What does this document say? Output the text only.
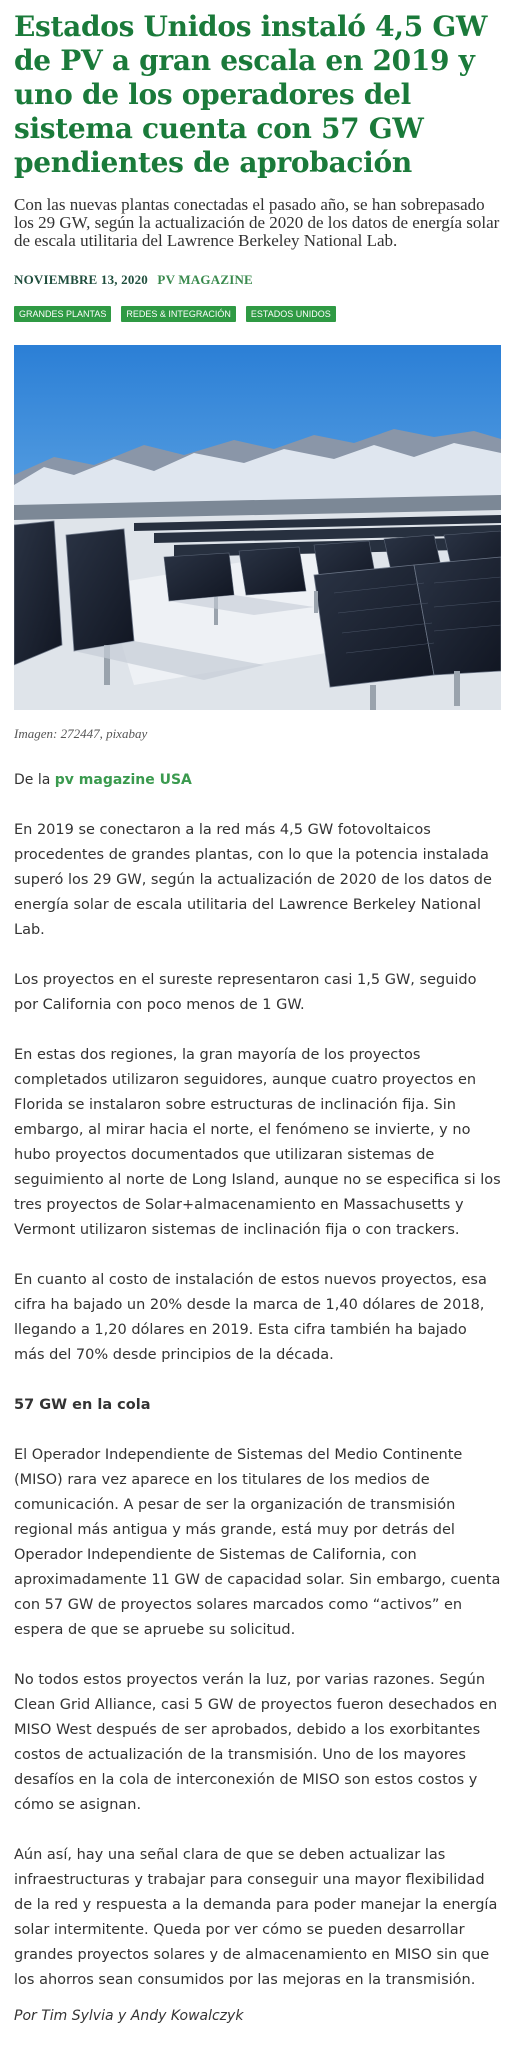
Estados Unidos instaló 4,5 GW de PV a gran escala en 2019 y uno de los operadores del sistema cuenta con 57 GW pendientes de aprobación

Con las nuevas plantas conectadas el pasado año, se han sobrepasado los 29 GW, según la actualización de 2020 de los datos de energía solar de escala utilitaria del Lawrence Berkeley National Lab.

NOVIEMBRE 13, 2020 PV MAGAZINE
GRANDES PLANTAS REDES & INTEGRACIÓN ESTADOS UNIDOS
Imagen: 272447, pixabay
De la pv magazine USA

En 2019 se conectaron a la red más 4,5 GW fotovoltaicos procedentes de grandes plantas, con lo que la potencia instalada superó los 29 GW, según la actualización de 2020 de los datos de energía solar de escala utilitaria del Lawrence Berkeley National Lab.

Los proyectos en el sureste representaron casi 1,5 GW, seguido por California con poco menos de 1 GW.

En estas dos regiones, la gran mayoría de los proyectos completados utilizaron seguidores, aunque cuatro proyectos en Florida se instalaron sobre estructuras de inclinación fija. Sin embargo, al mirar hacia el norte, el fenómeno se invierte, y no hubo proyectos documentados que utilizaran sistemas de seguimiento al norte de Long Island, aunque no se especifica si los tres proyectos de Solar+almacenamiento en Massachusetts y Vermont utilizaron sistemas de inclinación fija o con trackers.

En cuanto al costo de instalación de estos nuevos proyectos, esa cifra ha bajado un 20% desde la marca de 1,40 dólares de 2018, llegando a 1,20 dólares en 2019. Esta cifra también ha bajado más del 70% desde principios de la década.

57 GW en la cola

El Operador Independiente de Sistemas del Medio Continente (MISO) rara vez aparece en los titulares de los medios de comunicación. A pesar de ser la organización de transmisión regional más antigua y más grande, está muy por detrás del Operador Independiente de Sistemas de California, con aproximadamente 11 GW de capacidad solar. Sin embargo, cuenta con 57 GW de proyectos solares marcados como “activos” en espera de que se apruebe su solicitud.

No todos estos proyectos verán la luz, por varias razones. Según Clean Grid Alliance, casi 5 GW de proyectos fueron desechados en MISO West después de ser aprobados, debido a los exorbitantes costos de actualización de la transmisión. Uno de los mayores desafíos en la cola de interconexión de MISO son estos costos y cómo se asignan.

Aún así, hay una señal clara de que se deben actualizar las infraestructuras y trabajar para conseguir una mayor flexibilidad de la red y respuesta a la demanda para poder manejar la energía solar intermitente. Queda por ver cómo se pueden desarrollar grandes proyectos solares y de almacenamiento en MISO sin que los ahorros sean consumidos por las mejoras en la transmisión.

Por Tim Sylvia y Andy Kowalczyk
